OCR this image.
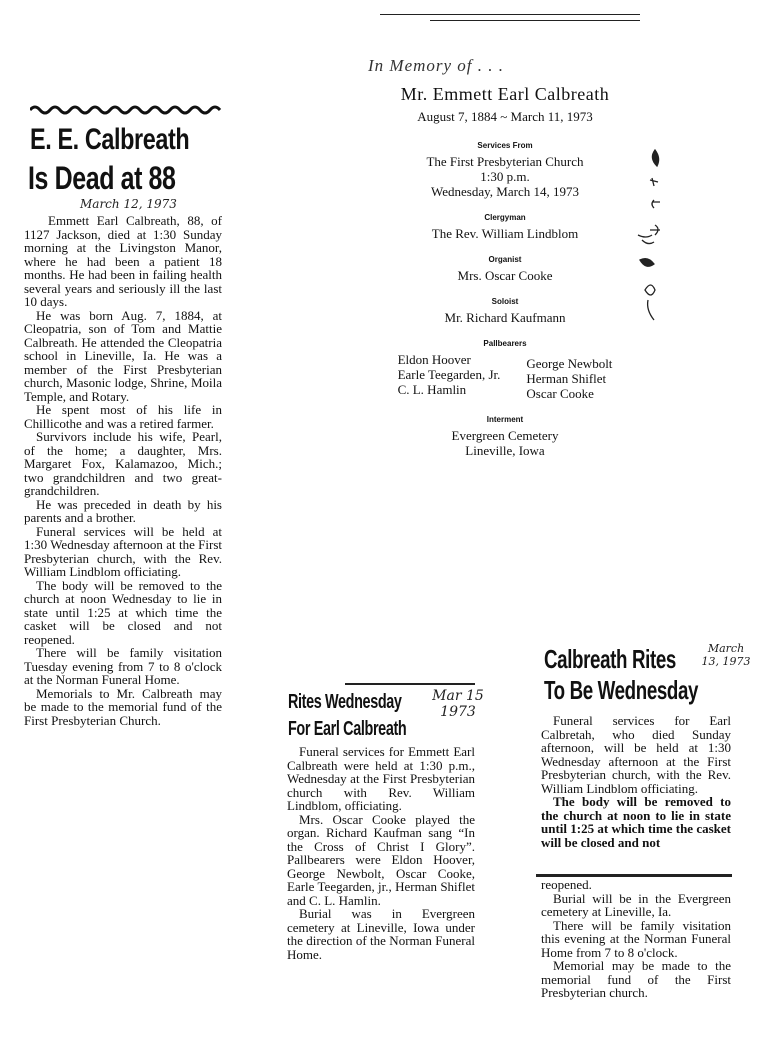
In Memory of . . .
Mr. Emmett Earl Calbreath
August 7, 1884 ~ March 11, 1973
Services From
The First Presbyterian Church
1:30 p.m.
Wednesday, March 14, 1973
Clergyman
The Rev. William Lindblom
Organist
Mrs. Oscar Cooke
Soloist
Mr. Richard Kaufmann
Pallbearers
Eldon Hoover
Earle Teegarden, Jr.
C. L. Hamlin
George Newbolt
Herman Shiflet
Oscar Cooke
Interment
Evergreen Cemetery
Lineville, Iowa
E. E. Calbreath
Is Dead at 88
March 12, 1973

Emmett Earl Calbreath, 88, of 1127 Jackson, died at 1:30 Sunday morning at the Livingston Manor, where he had been a patient 18 months. He had been in failing health several years and seriously ill the last 10 days.

He was born Aug. 7, 1884, at Cleopatria, son of Tom and Mattie Calbreath. He attended the Cleopatria school in Lineville, Ia. He was a member of the First Presbyterian church, Masonic lodge, Shrine, Moila Temple, and Rotary.

He spent most of his life in Chillicothe and was a retired farmer.

Survivors include his wife, Pearl, of the home; a daughter, Mrs. Margaret Fox, Kalamazoo, Mich.; two grandchildren and two great-grandchildren.

He was preceded in death by his parents and a brother.

Funeral services will be held at 1:30 Wednesday afternoon at the First Presbyterian church, with the Rev. William Lindblom officiating.

The body will be removed to the church at noon Wednesday to lie in state until 1:25 at which time the casket will be closed and not reopened.

There will be family visitation Tuesday evening from 7 to 8 o'clock at the Norman Funeral Home.

Memorials to Mr. Calbreath may be made to the memorial fund of the First Presbyterian Church.

Rites Wednesday
For Earl Calbreath
Mar 15 1973

Funeral services for Emmett Earl Calbreath were held at 1:30 p.m., Wednesday at the First Presbyterian church with Rev. William Lindblom, officiating.

Mrs. Oscar Cooke played the organ. Richard Kaufman sang “In the Cross of Christ I Glory”. Pallbearers were Eldon Hoover, George Newbolt, Oscar Cooke, Earle Teegarden, jr., Herman Shiflet and C. L. Hamlin.

Burial was in Evergreen cemetery at Lineville, Iowa under the direction of the Norman Funeral Home.

Calbreath Rites
To Be Wednesday
March 13, 1973

Funeral services for Earl Calbretah, who died Sunday afternoon, will be held at 1:30 Wednesday afternoon at the First Presbyterian church, with the Rev. William Lindblom officiating.

The body will be removed to the church at noon to lie in state until 1:25 at which time the casket will be closed and not

reopened.

Burial will be in the Evergreen cemetery at Lineville, Ia.

There will be family visitation this evening at the Norman Funeral Home from 7 to 8 o'clock.

Memorial may be made to the memorial fund of the First Presbyterian church.
